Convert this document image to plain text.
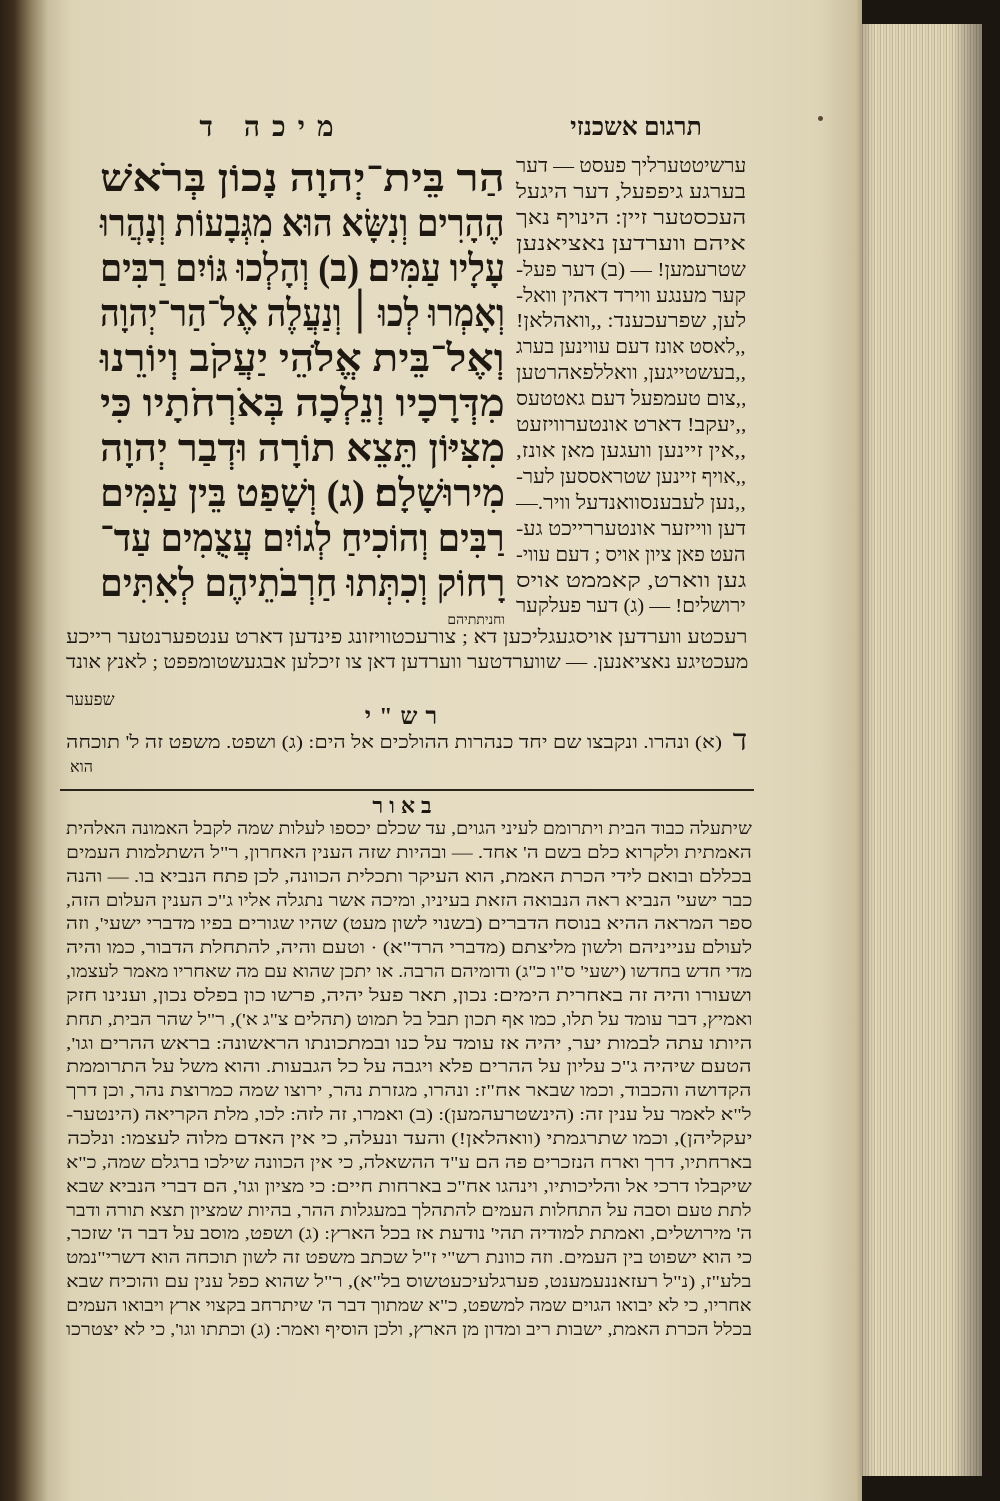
מיכה ד	תרגום אשכנזי
הַר בֵּית־יְהוָה נָכוֹן בְּרֹאשׁ
הֶהָרִים וְנִשָּׂא הוּא מִגְּבָעוֹת וְנָהֲרוּ
עָלָיו עַמִּים׃ (ב) וְהָלְכוּ גּוֹיִם רַבִּים
וְאָמְרוּ לְכוּ ׀ וְנַעֲלֶה אֶל־הַר־יְהוָה
וְאֶל־בֵּית אֱלֹהֵי יַעֲקֹב וְיוֹרֵנוּ
מִדְּרָכָיו וְנֵלְכָה בְּאֹרְחֹתָיו כִּי
מִצִּיּוֹן תֵּצֵא תוֹרָה וּדְבַר יְהוָה
מִירוּשָׁלָם׃ (ג) וְשָׁפַט בֵּין עַמִּים
רַבִּים וְהוֹכִיחַ לְגוֹיִם עֲצֻמִים עַד־
רָחוֹק וְכִתְּתוּ חַרְבֹתֵיהֶם לְאִתִּים
וחניתתיהם
ערשיטטערליך פעסט — דער
בערגע גיפפעל, דער היגעל
העכסטער זיין: הינויף נאך
איהם ווערדען נאציאנען
שטרעמען! — (ב) דער פעל-
קער מענגע ווירד דאהין וואל-
לען, שפרעכענד: ,,וואהלאן!
,,לאסט אונז דעם עווינען בערג
,,בעשטייגען, וואללפאהרטען
,,צום טעמפעל דעם גאטטעס
,,יעקב! דארט אונטערוויזעט
,,אין זיינען וועגען מאן אונז,
,,אויף זיינען שטראססען לער-
,,נען לעבענסוואנדעל וויר.—
דען ווייזער אונטעררייכט גע-
העט פאן ציון אויס ; דעם עווי-
גען ווארט, קאממט אויס
ירושלים! — (ג) דער פעלקער
רעכטע ווערדען אויסגעגליכען דא ; צורעכטוויזונג פינדען דארט ענטפערנטער רייכע
מעכטיגע נאציאנען. — שווערדטער ווערדען דאן צו זיכלען אבגעשטומפפט ; לאנץ אונד
שפעער
רש"י
ד
(א) ונהרו. ונקבצו שם יחד כנהרות ההולכים אל הים: (ג) ושפט. משפט זה ל' תוכחה
הוא
באור
שיתעלה כבוד הבית ויתרומם לעיני הגוים, עד שכלם יכספו לעלות שמה לקבל האמונה האלהית
האמתית ולקרוא כלם בשם ה' אחד. — ובהיות שזה הענין האחרון, ר"ל השתלמות העמים
בכללם ובואם לידי הכרת האמת, הוא העיקר ותכלית הכוונה, לכן פתח הנביא בו. — והנה
כבר ישעי' הנביא ראה הנבואה הזאת בעיניו, ומיכה אשר נתגלה אליו ג"כ הענין העלום הזה,
ספר המראה ההיא בנוסח הדברים (בשנוי לשון מעט) שהיו שגורים בפיו מדברי ישעי', וזה
לעולם ענייניהם ולשון מליצתם (מדברי הרד"א) · וטעם והיה, להתחלת הדבור, כמו והיה
מדי חדש בחדשו (ישעי' ס"ו כ"ג) ודומיהם הרבה. או יתכן שהוא עם מה שאחריו מאמר לעצמו,
ושעורו והיה זה באחרית הימים: נכון, תאר פעל יהיה, פרשו כון בפלס נכון, וענינו חזק
ואמיץ, דבר עומד על תלו, כמו אף תכון תבל בל תמוט (תהלים צ"ג א'), ר"ל שהר הבית, תחת
היותו עתה לבמות יער, יהיה אז עומד על כנו ובמתכונתו הראשונה: בראש ההרים וגו',
הטעם שיהיה ג"כ עליון על ההרים פלא ויגבה על כל הגבעות. והוא משל על התרוממת
הקדושה והכבוד, וכמו שבאר אח"ז: ונהרו, מגזרת נהר, ירוצו שמה כמרוצת נהר, וכן דרך
ל"א לאמר על ענין זה: (הינשטרעהמען): (ב) ואמרו, זה לזה: לכו, מלת הקריאה (הינטער-
יעקליהן), וכמו שתרגמתי (וואהלאן!) והעד ונעלה, כי אין האדם מלוה לעצמו: ונלכה
בארחתיו, דרך וארח הנזכרים פה הם ע"ד ההשאלה, כי אין הכוונה שילכו ברגלם שמה, כ"א
שיקבלו דרכי אל והליכותיו, וינהגו אח"כ בארחות חיים: כי מציון וגו', הם דברי הנביא שבא
לתת טעם וסבה על התחלות העמים להתהלך במעגלות ההר, בהיות שמציון תצא תורה ודבר
ה' מירושלים, ואמתת למודיה תהי' נודעת אז בכל הארץ: (ג) ושפט, מוסב על דבר ה' שזכר,
כי הוא ישפוט בין העמים. וזה כוונת רש"י ז"ל שכתב משפט זה לשון תוכחה הוא דשרי"נמט
בלע"ז, (נ"ל רעזאננעמענט, פערגלעיכעטשוס בל"א), ר"ל שהוא כפל ענין עם והוכיח שבא
אחריו, כי לא יבואו הגוים שמה למשפט, כ"א שמתוך דבר ה' שיתרחב בקצוי ארץ ויבואו העמים
בכלל הכרת האמת, ישבות ריב ומדון מן הארץ, ולכן הוסיף ואמר: (ג) וכתתו וגו', כי לא יצטרכו
